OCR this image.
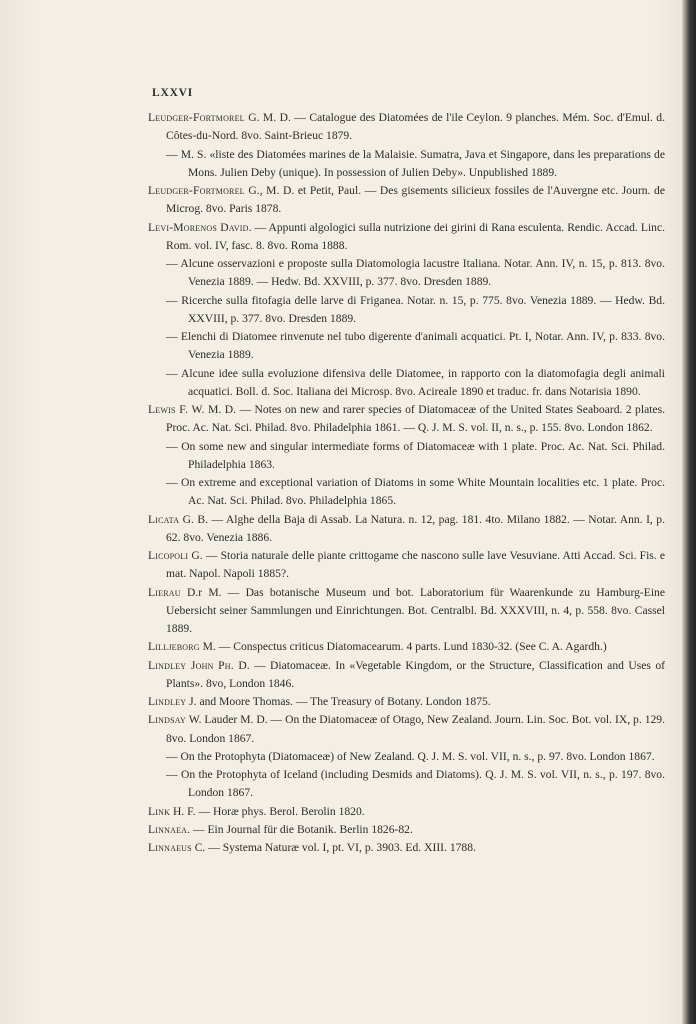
LXXVI

Leudger-Fortmorel G. M. D. — Catalogue des Diatomées de l'ile Ceylon. 9 planches. Mém. Soc. d'Emul. d. Côtes-du-Nord. 8vo. Saint-Brieuc 1879.

— M. S. «liste des Diatomées marines de la Malaisie. Sumatra, Java et Singapore, dans les preparations de Mons. Julien Deby (unique). In possession of Julien Deby». Unpublished 1889.

Leudger-Fortmorel G., M. D. et Petit, Paul. — Des gisements silicieux fossiles de l'Auvergne etc. Journ. de Microg. 8vo. Paris 1878.

Levi-Morenos David. — Appunti algologici sulla nutrizione dei girini di Rana esculenta. Rendic. Accad. Linc. Rom. vol. IV, fasc. 8. 8vo. Roma 1888.

— Alcune osservazioni e proposte sulla Diatomologia lacustre Italiana. Notar. Ann. IV, n. 15, p. 813. 8vo. Venezia 1889. — Hedw. Bd. XXVIII, p. 377. 8vo. Dresden 1889.

— Ricerche sulla fitofagia delle larve di Friganea. Notar. n. 15, p. 775. 8vo. Venezia 1889. — Hedw. Bd. XXVIII, p. 377. 8vo. Dresden 1889.

— Elenchi di Diatomee rinvenute nel tubo digerente d'animali acquatici. Pt. I, Notar. Ann. IV, p. 833. 8vo. Venezia 1889.

— Alcune idee sulla evoluzione difensiva delle Diatomee, in rapporto con la diatomofagia degli animali acquatici. Boll. d. Soc. Italiana dei Microsp. 8vo. Acireale 1890 et traduc. fr. dans Notarisia 1890.

Lewis F. W. M. D. — Notes on new and rarer species of Diatomaceæ of the United States Seaboard. 2 plates. Proc. Ac. Nat. Sci. Philad. 8vo. Philadelphia 1861. — Q. J. M. S. vol. II, n. s., p. 155. 8vo. London 1862.

— On some new and singular intermediate forms of Diatomaceæ with 1 plate. Proc. Ac. Nat. Sci. Philad. Philadelphia 1863.

— On extreme and exceptional variation of Diatoms in some White Mountain localities etc. 1 plate. Proc. Ac. Nat. Sci. Philad. 8vo. Philadelphia 1865.

Licata G. B. — Alghe della Baja di Assab. La Natura. n. 12, pag. 181. 4to. Milano 1882. — Notar. Ann. I, p. 62. 8vo. Venezia 1886.

Licopoli G. — Storia naturale delle piante crittogame che nascono sulle lave Vesuviane. Atti Accad. Sci. Fis. e mat. Napol. Napoli 1885?.

Lierau D.r M. — Das botanische Museum und bot. Laboratorium für Waarenkunde zu Hamburg-Eine Uebersicht seiner Sammlungen und Einrichtungen. Bot. Centralbl. Bd. XXXVIII, n. 4, p. 558. 8vo. Cassel 1889.

Lilljeborg M. — Conspectus criticus Diatomacearum. 4 parts. Lund 1830-32. (See C. A. Agardh.)

Lindley John Ph. D. — Diatomaceæ. In «Vegetable Kingdom, or the Structure, Classification and Uses of Plants». 8vo, London 1846.

Lindley J. and Moore Thomas. — The Treasury of Botany. London 1875.

Lindsay W. Lauder M. D. — On the Diatomaceæ of Otago, New Zealand. Journ. Lin. Soc. Bot. vol. IX, p. 129. 8vo. London 1867.

— On the Protophyta (Diatomaceæ) of New Zealand. Q. J. M. S. vol. VII, n. s., p. 97. 8vo. London 1867.

— On the Protophyta of Iceland (including Desmids and Diatoms). Q. J. M. S. vol. VII, n. s., p. 197. 8vo. London 1867.

Link H. F. — Horæ phys. Berol. Berolin 1820.

Linnaea. — Ein Journal für die Botanik. Berlin 1826-82.

Linnaeus C. — Systema Naturæ vol. I, pt. VI, p. 3903. Ed. XIII. 1788.
